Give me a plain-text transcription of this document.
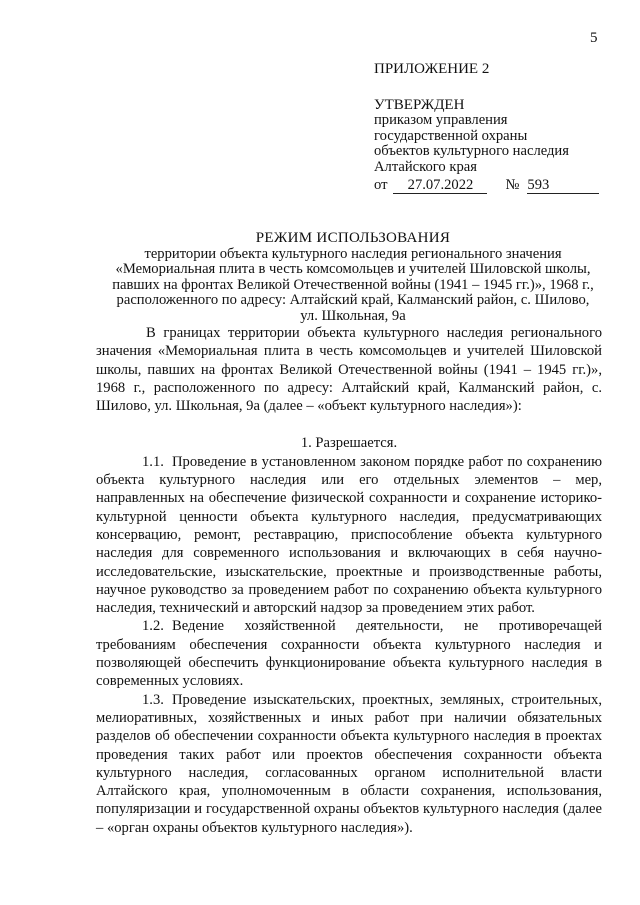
5
ПРИЛОЖЕНИЕ 2
УТВЕРЖДЕН
приказом управления
государственной охраны
объектов культурного наследия
Алтайского края
от	27.07.2022	№ 593
РЕЖИМ ИСПОЛЬЗОВАНИЯ
территории объекта культурного наследия регионального значения «Мемориальная плита в честь комсомольцев и учителей Шиловской школы, павших на фронтах Великой Отечественной войны (1941 – 1945 гг.)», 1968 г., расположенного по адресу: Алтайский край, Калманский район, с. Шилово, ул. Школьная, 9а

В границах территории объекта культурного наследия регионального значения «Мемориальная плита в честь комсомольцев и учителей Шиловской школы, павших на фронтах Великой Отечественной войны (1941 – 1945 гг.)», 1968 г., расположенного по адресу: Алтайский край, Калманский район, с. Шилово, ул. Школьная, 9а (далее – «объект культурного наследия»):

1. Разрешается.

1.1. Проведение в установленном законом порядке работ по сохранению объекта культурного наследия или его отдельных элементов – мер, направленных на обеспечение физической сохранности и сохранение историко-культурной ценности объекта культурного наследия, предусматривающих консервацию, ремонт, реставрацию, приспособление объекта культурного наследия для современного использования и включающих в себя научно-исследовательские, изыскательские, проектные и производственные работы, научное руководство за проведением работ по сохранению объекта культурного наследия, технический и авторский надзор за проведением этих работ.

1.2. Ведение хозяйственной деятельности, не противоречащей требованиям обеспечения сохранности объекта культурного наследия и позволяющей обеспечить функционирование объекта культурного наследия в современных условиях.

1.3. Проведение изыскательских, проектных, земляных, строительных, мелиоративных, хозяйственных и иных работ при наличии обязательных разделов об обеспечении сохранности объекта культурного наследия в проектах проведения таких работ или проектов обеспечения сохранности объекта культурного наследия, согласованных органом исполнительной власти Алтайского края, уполномоченным в области сохранения, использования, популяризации и государственной охраны объектов культурного наследия (далее – «орган охраны объектов культурного наследия»).
